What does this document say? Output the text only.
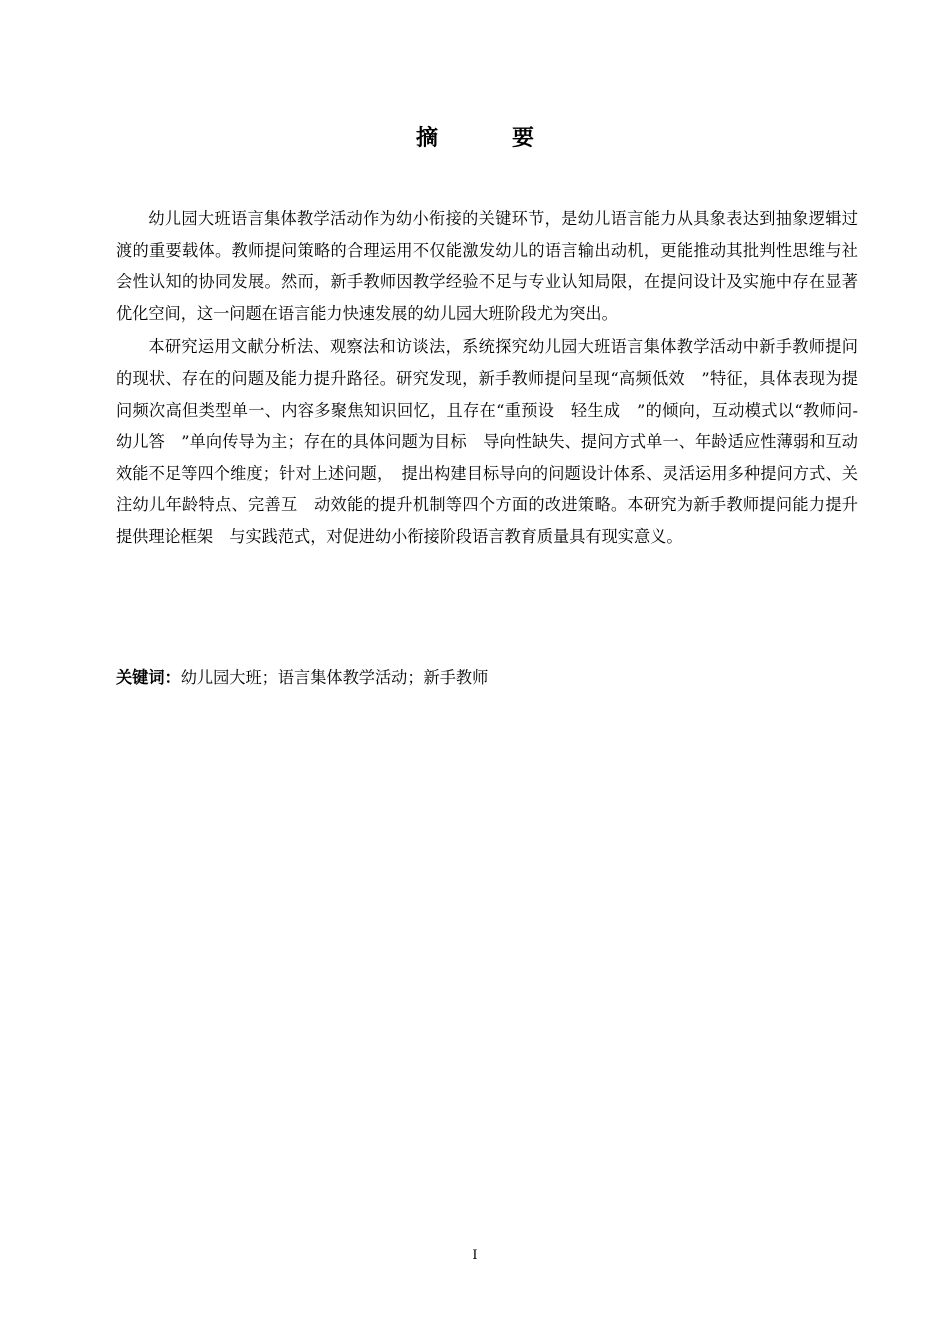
摘　要

幼儿园大班语言集体教学活动作为幼小衔接的关键环节，是幼儿语言能力从具象表达到抽象逻辑过渡的重要载体。教师提问策略的合理运用不仅能激发幼儿的语言输出动机，更能推动其批判性思维与社会性认知的协同发展。然而，新手教师因教学经验不足与专业认知局限，在提问设计及实施中存在显著优化空间，这一问题在语言能力快速发展的幼儿园大班阶段尤为突出。

本研究运用文献分析法、观察法和访谈法，系统探究幼儿园大班语言集体教学活动中新手教师提问的现状、存在的问题及能力提升路径。研究发现，新手教师提问呈现“高频低效　”特征，具体表现为提问频次高但类型单一、内容多聚焦知识回忆，且存在“重预设　轻生成　”的倾向，互动模式以“教师问-幼儿答　”单向传导为主；存在的具体问题为目标　导向性缺失、提问方式单一、年龄适应性薄弱和互动效能不足等四个维度；针对上述问题，　提出构建目标导向的问题设计体系、灵活运用多种提问方式、关注幼儿年龄特点、完善互　动效能的提升机制等四个方面的改进策略。本研究为新手教师提问能力提升提供理论框架　与实践范式，对促进幼小衔接阶段语言教育质量具有现实意义。

关键词：幼儿园大班；语言集体教学活动；新手教师
I
